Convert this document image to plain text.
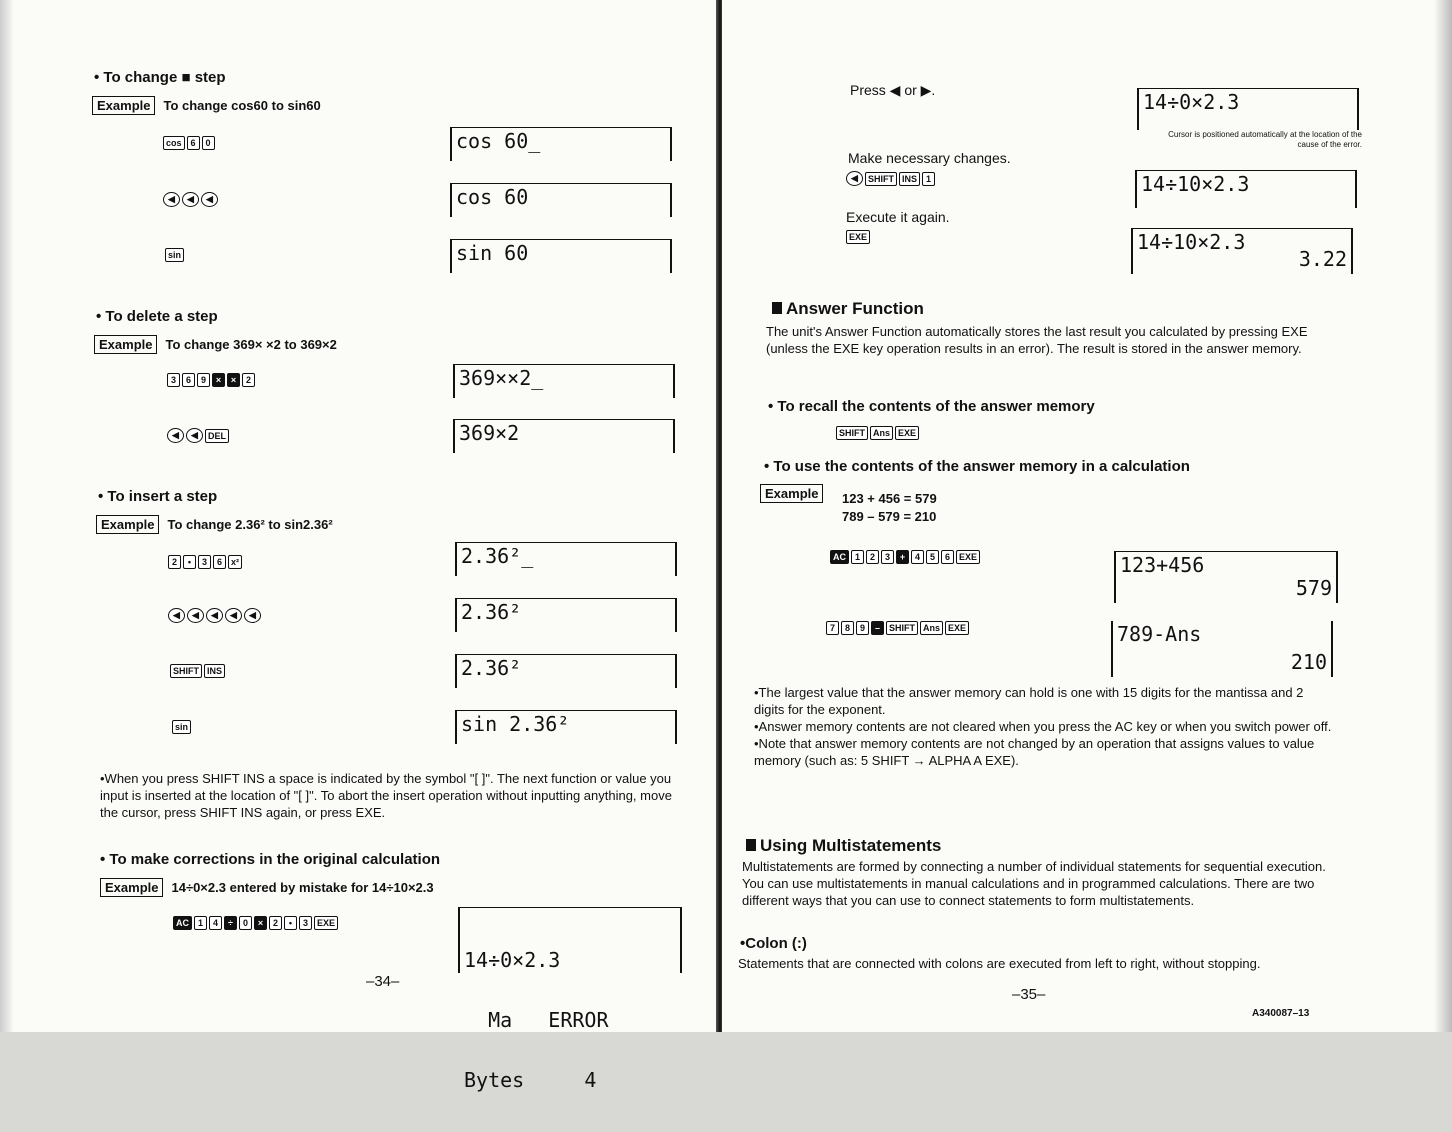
• To change ■ step
Example To change cos60 to sin60
cos 6	0	cos 60_
◀	◀	◀	cos 60
sin	sin 60
• To delete a step
Example To change 369× ×2 to 369×2
3	6	9	×	×	2	369××2_
◀	◀	DEL	369×2
• To insert a step
Example To change 2.36² to sin2.36²
2	•	3	6	x²	2.36²_
◀	◀	◀	◀	◀	2.36²
SHIFT INS	2.36²
sin	sin 2.36²
•When you press SHIFT INS a space is indicated by the symbol "[ ]". The next function or value you input is inserted at the location of "[ ]". To abort the insert operation without inputting anything, move the cursor, press SHIFT INS again, or press EXE.
• To make corrections in the original calculation
Example 14÷0×2.3 entered by mistake for 14÷10×2.3
AC 1	4	÷	0	×	2	•	3	EXE

14÷0×2.3

Ma   ERROR

Bytes     4

–34–
Press ◀ or ▶.	14÷0×2.3
Cursor is positioned automatically at the location of the cause of the error.
Make necessary changes.
◀	SHIFT INS 1	14÷10×2.3
Execute it again.
EXE	14÷10×2.3
3.22
Answer Function
The unit's Answer Function automatically stores the last result you calculated by pressing EXE (unless the EXE key operation results in an error). The result is stored in the answer memory.
• To recall the contents of the answer memory
SHIFT Ans EXE
• To use the contents of the answer memory in a calculation
Example	123 + 456 = 579
789 – 579 = 210
AC 1	2	3	+	4	5	6	EXE	123+456
579
7	8	9	–	SHIFT Ans EXE	789-Ans
210
•The largest value that the answer memory can hold is one with 15 digits for the mantissa and 2 digits for the exponent.
•Answer memory contents are not cleared when you press the AC key or when you switch power off.
•Note that answer memory contents are not changed by an operation that assigns values to value memory (such as: 5 SHIFT → ALPHA A EXE).
Using Multistatements
Multistatements are formed by connecting a number of individual statements for sequential execution. You can use multistatements in manual calculations and in programmed calculations. There are two different ways that you can use to connect statements to form multistatements.
•Colon (:)
Statements that are connected with colons are executed from left to right, without stopping.
–35–
A340087–13
